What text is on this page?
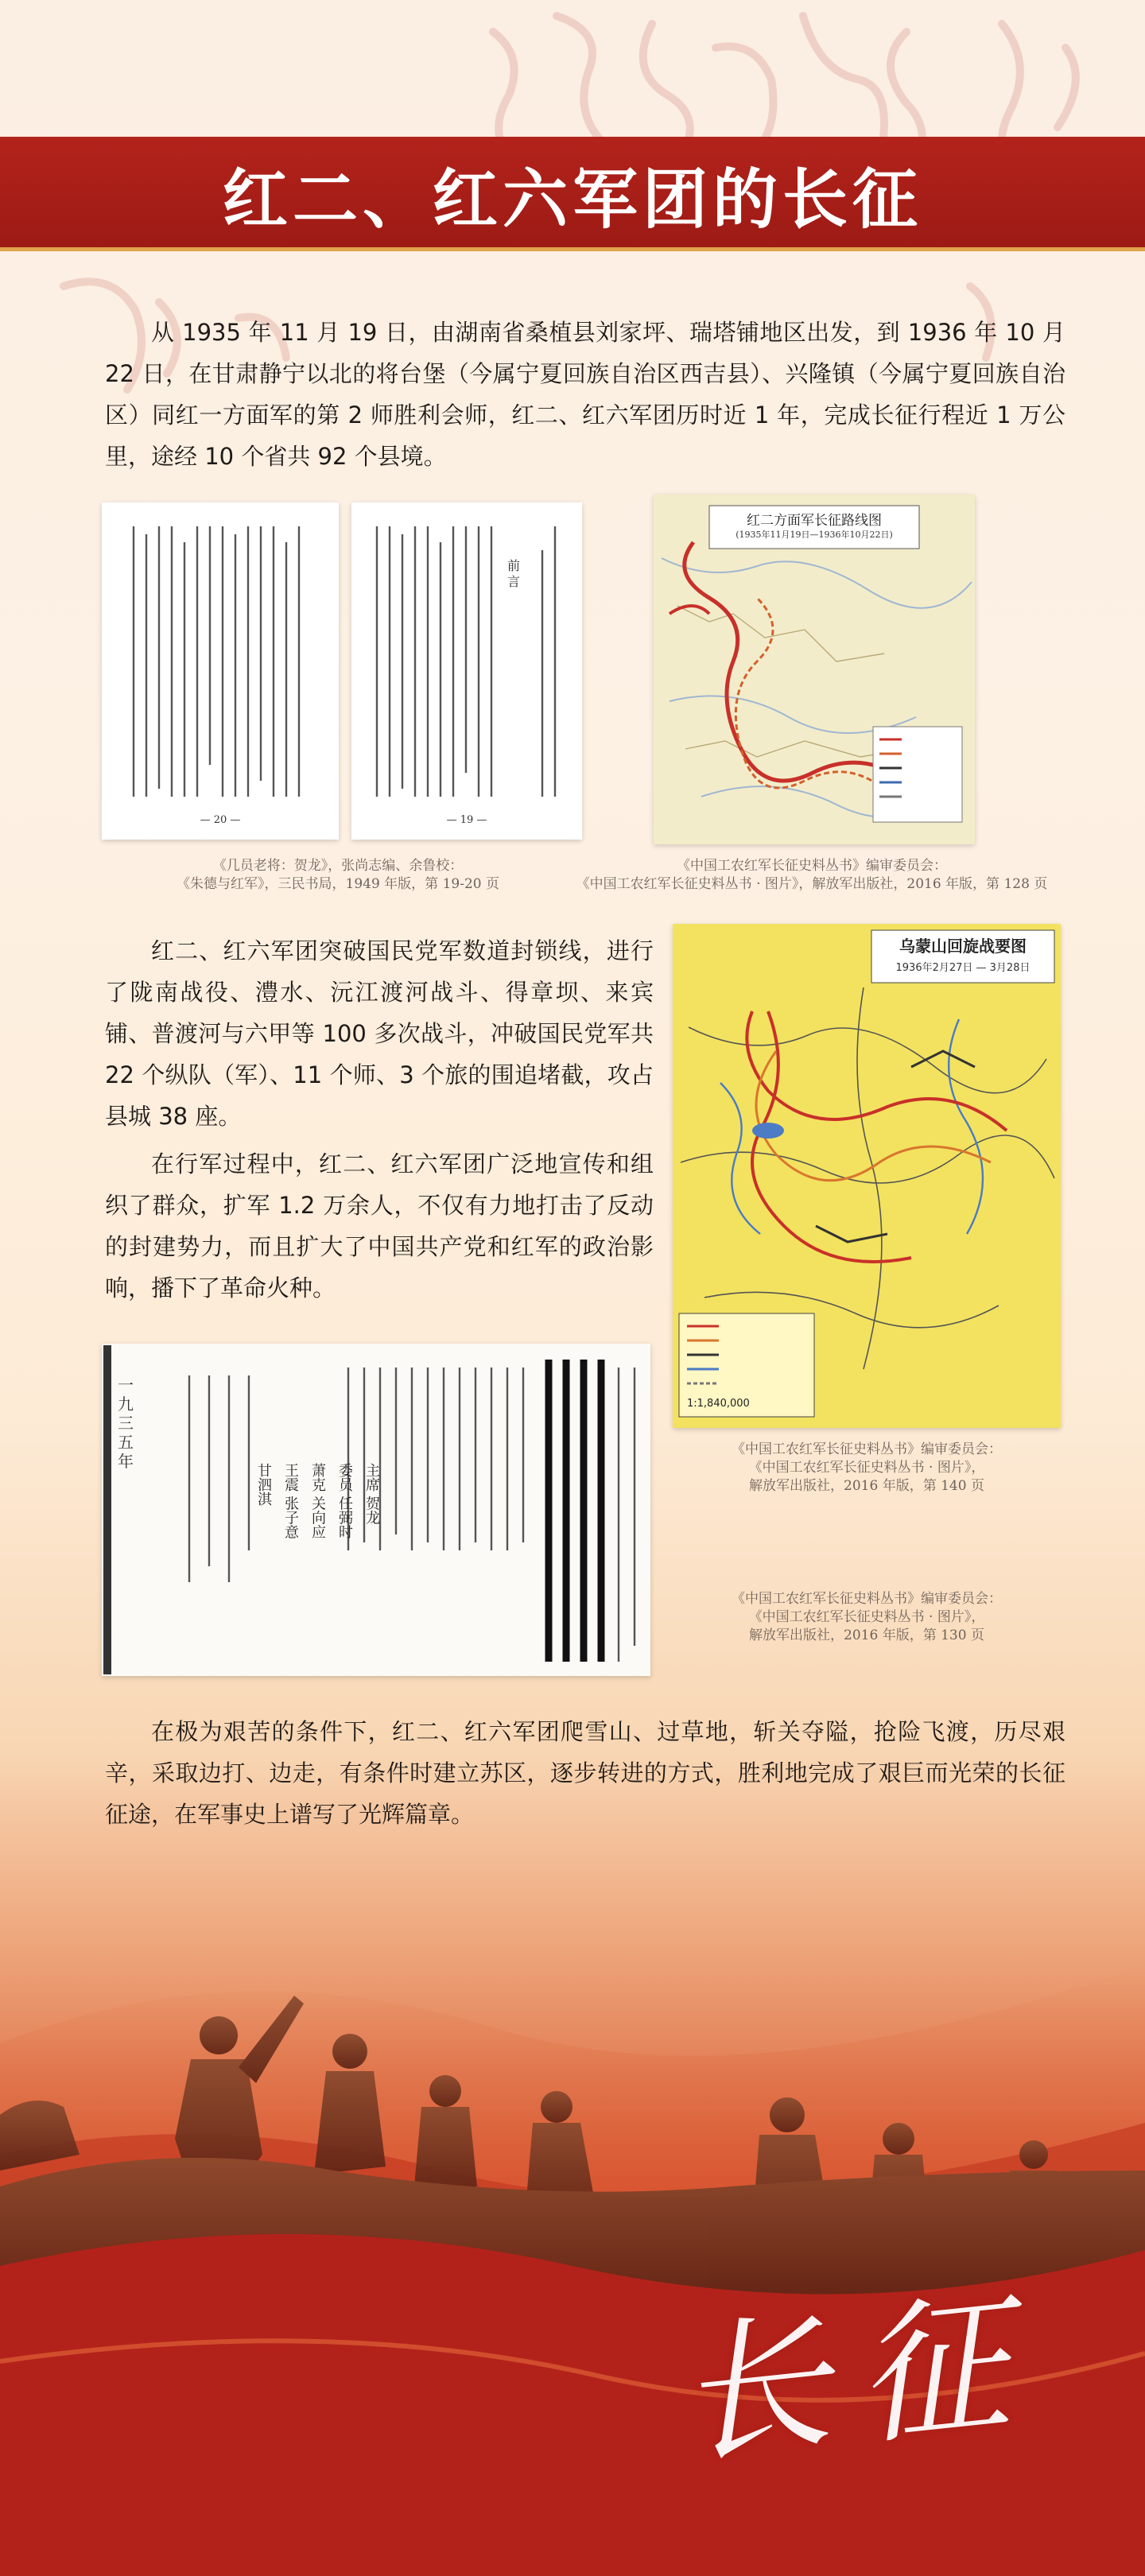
红二、红六军团的长征

从 1935 年 11 月 19 日，由湖南省桑植县刘家坪、瑞塔铺地区出发，到 1936 年 10 月 22 日，在甘肃静宁以北的将台堡（今属宁夏回族自治区西吉县）、兴隆镇（今属宁夏回族自治区）同红一方面军的第 2 师胜利会师，红二、红六军团历时近 1 年，完成长征行程近 1 万公里，途经 10 个省共 92 个县境。

— 20 —
前 言
— 19 —
红二方面军长征路线图
(1935年11月19日—1936年10月22日)

《几员老将：贺龙》，张尚志编、余鲁校：
《朱德与红军》，三民书局，1949 年版，第 19-20 页

《中国工农红军长征史料丛书》编审委员会：
《中国工农红军长征史料丛书 · 图片》，解放军出版社，2016 年版，第 128 页

红二、红六军团突破国民党军数道封锁线，进行了陇南战役、澧水、沅江渡河战斗、得章坝、来宾铺、普渡河与六甲等 100 多次战斗，冲破国民党军共 22 个纵队（军）、11 个师、3 个旅的围追堵截，攻占县城 38 座。

在行军过程中，红二、红六军团广泛地宣传和组织了群众，扩军 1.2 万余人，不仅有力地打击了反动的封建势力，而且扩大了中国共产党和红军的政治影响，播下了革命火种。

乌蒙山回旋战要图
1936年2月27日 — 3月28日
1:1,840,000
一九三五年
主席 贺龙
委员 任弼时
萧克 关向应
王震 张子意
甘泗淇

《中国工农红军长征史料丛书》编审委员会：
《中国工农红军长征史料丛书 · 图片》，
解放军出版社，2016 年版，第 140 页

《中国工农红军长征史料丛书》编审委员会：
《中国工农红军长征史料丛书 · 图片》，
解放军出版社，2016 年版，第 130 页

在极为艰苦的条件下，红二、红六军团爬雪山、过草地，斩关夺隘，抢险飞渡，历尽艰辛，采取边打、边走，有条件时建立苏区，逐步转进的方式，胜利地完成了艰巨而光荣的长征征途，在军事史上谱写了光辉篇章。

长征
